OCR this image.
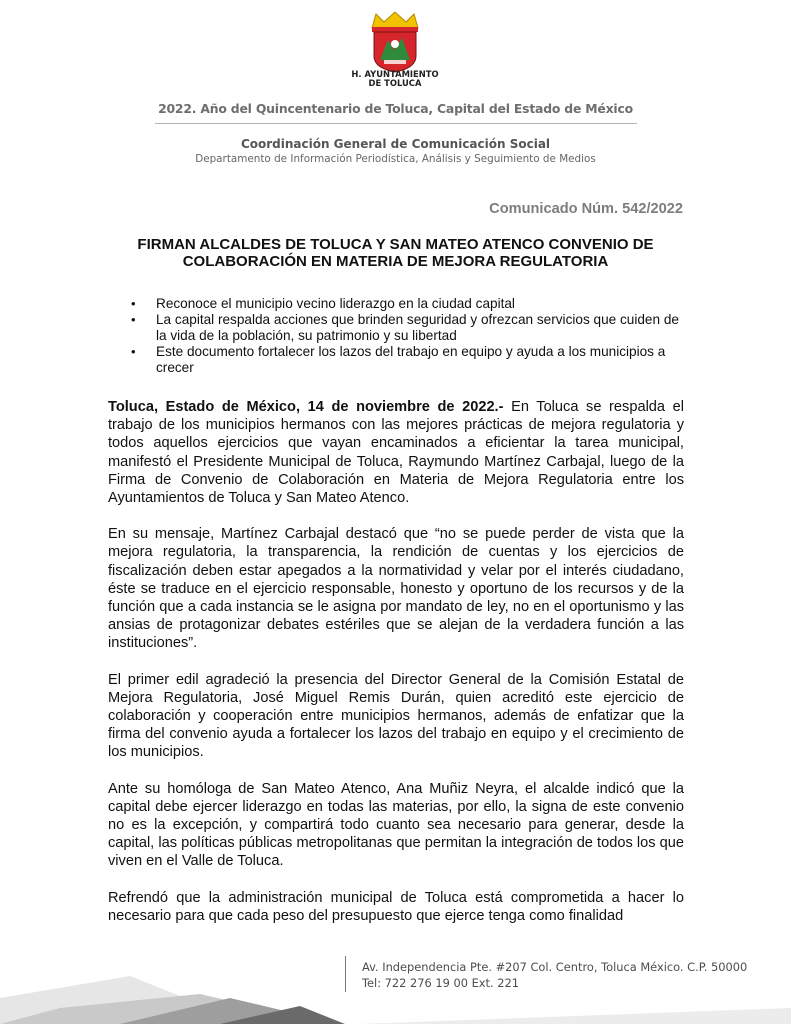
H. AYUNTAMIENTO
DE TOLUCA
2022. Año del Quincentenario de Toluca, Capital del Estado de México
Coordinación General de Comunicación Social
Departamento de Información Periodística, Análisis y Seguimiento de Medios
Comunicado Núm. 542/2022
FIRMAN ALCALDES DE TOLUCA Y SAN MATEO ATENCO CONVENIO DE COLABORACIÓN EN MATERIA DE MEJORA REGULATORIA
• Reconoce el municipio vecino liderazgo en la ciudad capital
• La capital respalda acciones que brinden seguridad y ofrezcan servicios que cuiden de la vida de la población, su patrimonio y su libertad
• Este documento fortalecer los lazos del trabajo en equipo y ayuda a los municipios a crecer

Toluca, Estado de México, 14 de noviembre de 2022.- En Toluca se respalda el trabajo de los municipios hermanos con las mejores prácticas de mejora regulatoria y todos aquellos ejercicios que vayan encaminados a eficientar la tarea municipal, manifestó el Presidente Municipal de Toluca, Raymundo Martínez Carbajal, luego de la Firma de Convenio de Colaboración en Materia de Mejora Regulatoria entre los Ayuntamientos de Toluca y San Mateo Atenco.

En su mensaje, Martínez Carbajal destacó que “no se puede perder de vista que la mejora regulatoria, la transparencia, la rendición de cuentas y los ejercicios de fiscalización deben estar apegados a la normatividad y velar por el interés ciudadano, éste se traduce en el ejercicio responsable, honesto y oportuno de los recursos y de la función que a cada instancia se le asigna por mandato de ley, no en el oportunismo y las ansias de protagonizar debates estériles que se alejan de la verdadera función a las instituciones”.

El primer edil agradeció la presencia del Director General de la Comisión Estatal de Mejora Regulatoria, José Miguel Remis Durán, quien acreditó este ejercicio de colaboración y cooperación entre municipios hermanos, además de enfatizar que la firma del convenio ayuda a fortalecer los lazos del trabajo en equipo y el crecimiento de los municipios.

Ante su homóloga de San Mateo Atenco, Ana Muñiz Neyra, el alcalde indicó que la capital debe ejercer liderazgo en todas las materias, por ello, la signa de este convenio no es la excepción, y compartirá todo cuanto sea necesario para generar, desde la capital, las políticas públicas metropolitanas que permitan la integración de todos los que viven en el Valle de Toluca.

Refrendó que la administración municipal de Toluca está comprometida a hacer lo necesario para que cada peso del presupuesto que ejerce tenga como finalidad

Av. Independencia Pte. #207 Col. Centro, Toluca México. C.P. 50000
Tel: 722 276 19 00 Ext. 221
